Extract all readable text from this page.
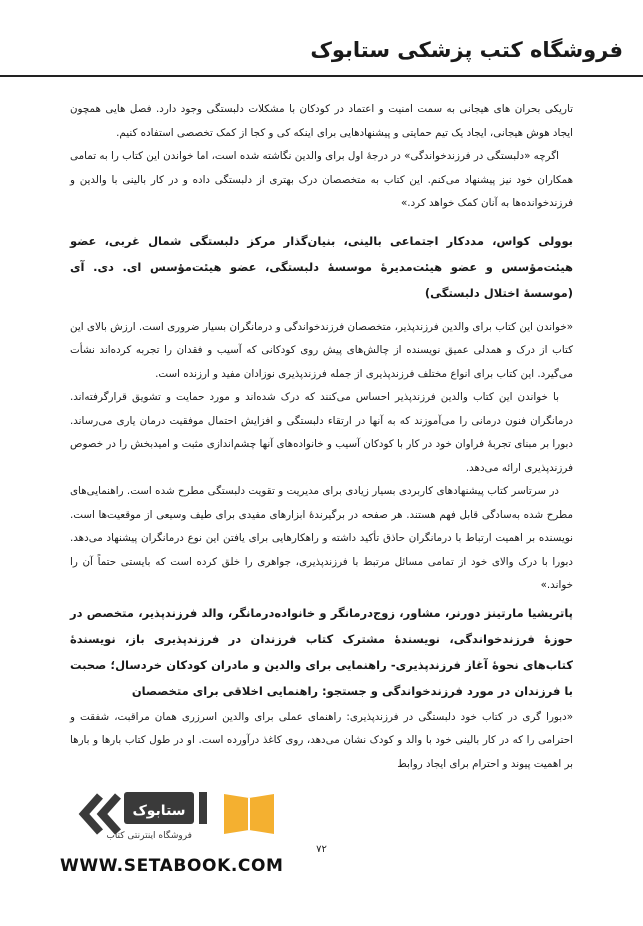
فروشگاه کتب پزشکی ستابوک

تاریکی بحران های هیجانی به سمت امنیت و اعتماد در کودکان با مشکلات دلبستگی وجود دارد. فصل هایی همچون ایجاد هوش هیجانی، ایجاد یک تیم حمایتی و پیشنهادهایی برای اینکه کی و کجا از کمک تخصصی استفاده کنیم.

اگرچه «دلبستگی در فرزندخواندگی» در درجهٔ اول برای والدین نگاشته شده است، اما خواندن این کتاب را به تمامی همکاران خود نیز پیشنهاد می‌کنم. این کتاب به متخصصان درک بهتری از دلبستگی داده و در کار بالینی با والدین و فرزندخوانده‌ها به آنان کمک خواهد کرد.»

بوولی کواس، مددکار اجتماعی بالینی، بنیان‌گذار مرکز دلبستگی شمال غربی، عضو هیئت‌مؤسس و عضو هیئت‌مدیرهٔ موسسهٔ دلبستگی، عضو هیئت‌مؤسس ای. دی. آی (موسسهٔ اختلال دلبستگی)

«خواندن این کتاب برای والدین فرزندپذیر، متخصصان فرزندخواندگی و درمانگران بسیار ضروری است. ارزش بالای این کتاب از درک و همدلی عمیق نویسنده از چالش‌های پیش روی کودکانی که آسیب و فقدان را تجربه کرده‌اند نشأت می‌گیرد. این کتاب برای انواع مختلف فرزندپذیری از جمله فرزندپذیری نوزادان مفید و ارزنده است.

با خواندن این کتاب والدین فرزندپذیر احساس می‌کنند که درک شده‌اند و مورد حمایت و تشویق قرارگرفته‌اند. درمانگران فنون درمانی را می‌آموزند که به آنها در ارتقاء دلبستگی و افزایش احتمال موفقیت درمان یاری می‌رساند. دبورا بر مبنای تجربهٔ فراوان خود در کار با کودکان آسیب و خانواده‌های آنها چشم‌اندازی مثبت و امیدبخش را در خصوص فرزندپذیری ارائه می‌دهد.

در سرتاسر کتاب پیشنهادهای کاربردی بسیار زیادی برای مدیریت و تقویت دلبستگی مطرح شده است. راهنمایی‌های مطرح شده به‌سادگی قابل فهم هستند. هر صفحه در برگیرندهٔ ابزارهای مفیدی برای طیف وسیعی از موقعیت‌ها است. نویسنده بر اهمیت ارتباط با درمانگران حاذق تأکید داشته و راهکارهایی برای یافتن این نوع درمانگران پیشنهاد می‌دهد. دبورا با درک والای خود از تمامی مسائل مرتبط با فرزندپذیری، جواهری را خلق کرده است که بایستی حتماً آن را خواند.»

پاتریشیا مارتینز دورنر، مشاور، زوج‌درمانگر و خانواده‌درمانگر، والد فرزندپذیر، متخصص در حوزهٔ فرزندخواندگی، نویسندهٔ مشترک کتاب فرزندان در فرزندپذیری باز، نویسندهٔ کتاب‌های نحوهٔ آغاز فرزندپذیری- راهنمایی برای والدین و مادران کودکان خردسال؛ صحبت با فرزندان در مورد فرزندخواندگی و جستجو: راهنمایی اخلاقی برای متخصصان

«دبورا گری در کتاب خود دلبستگی در فرزندپذیری: راهنمای عملی برای والدین اسرزری همان مراقبت، شفقت و احترامی را که در کار بالینی خود با والد و کودک نشان می‌دهد، روی کاغذ درآورده است. او در طول کتاب بارها و بارها بر اهمیت پیوند و احترام برای ایجاد روابط

۷۲
فروشگاه اینترنتی کتاب
ستابوک
WWW.SETABOOK.COM
